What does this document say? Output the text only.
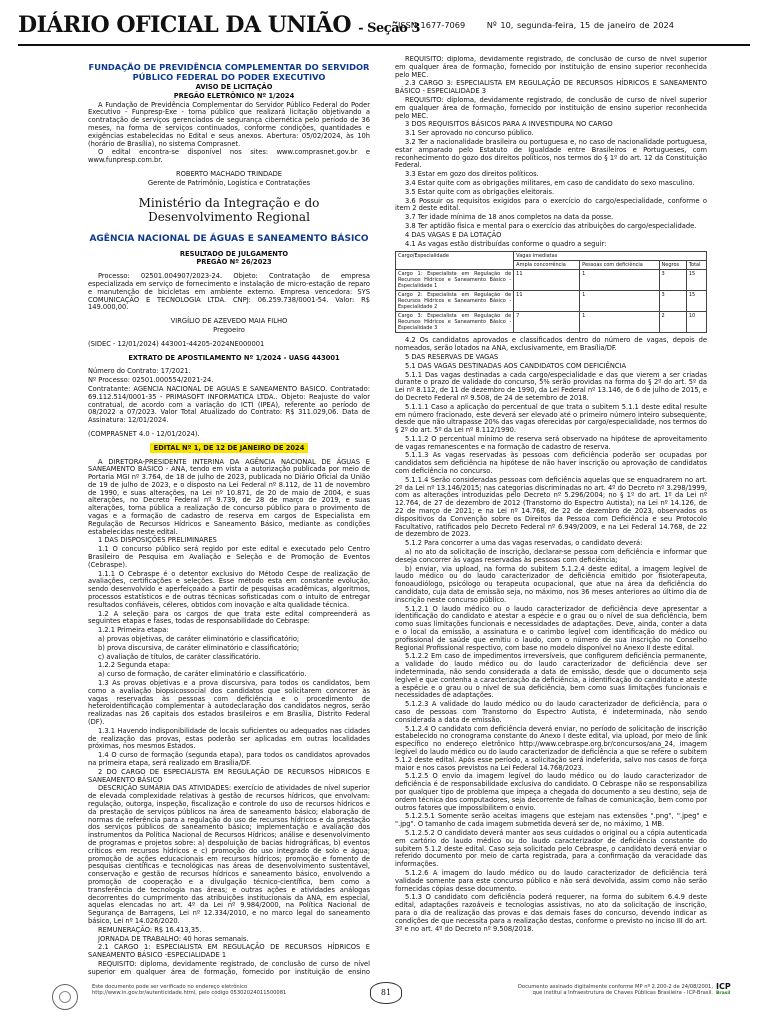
DIÁRIO OFICIAL DA UNIÃO - Seção 3
ISSN 1677-7069	Nº 10, segunda-feira, 15 de janeiro de 2024
FUNDAÇÃO DE PREVIDÊNCIA COMPLEMENTAR DO SERVIDOR PÚBLICO FEDERAL DO PODER EXECUTIVO

AVISO DE LICITAÇÃO

PREGÃO ELETRÔNICO Nº 1/2024

A Fundação de Previdência Complementar do Servidor Público Federal do Poder Executivo - Funpresp-Exe - torna público que realizará licitação objetivando a contratação de serviços gerenciados de segurança cibernética pelo período de 36 meses, na forma de serviços continuados, conforme condições, quantidades e exigências estabelecidas no Edital e seus anexos. Abertura: 05/02/2024, às 10h (horário de Brasília), no sistema Comprasnet.

O edital encontra-se disponível nos sites: www.comprasnet.gov.br e www.funpresp.com.br.

ROBERTO MACHADO TRINDADE

Gerente de Patrimônio, Logística e Contratações

Ministério da Integração e do Desenvolvimento Regional
AGÊNCIA NACIONAL DE ÁGUAS E SANEAMENTO BÁSICO

RESULTADO DE JULGAMENTO

PREGÃO Nº 26/2023

Processo: 02501.004907/2023-24. Objeto: Contratação de empresa especializada em serviço de fornecimento e instalação de micro-estação de reparo e manutenção de bicicletas em ambiente externo. Empresa vencedora: SYS COMUNICAÇÃO E TECNOLOGIA LTDA. CNPJ: 06.259.738/0001-54. Valor: R$ 149.000,00.

VIRGÍLIO DE AZEVEDO MAIA FILHO

Pregoeiro

(SIDEC - 12/01/2024) 443001-44205-2024NE000001

EXTRATO DE APOSTILAMENTO Nº 1/2024 - UASG 443001

Número do Contrato: 17/2021.

Nº Processo: 02501.000554/2021-24.

Contratante: AGENCIA NACIONAL DE AGUAS E SANEAMENTO BASICO. Contratado: 69.112.514/0001-35 - PRIMASOFT INFORMATICA LTDA.. Objeto: Reajuste do valor contratual, de acordo com a variação do ICTI (IPEA), referente ao período de 08/2022 a 07/2023. Valor Total Atualizado do Contrato: R$ 311.029,06. Data de Assinatura: 12/01/2024.

(COMPRASNET 4.0 - 12/01/2024).

EDITAL Nº 1, DE 12 DE JANEIRO DE 2024

A DIRETORA-PRESIDENTE INTERINA DA AGÊNCIA NACIONAL DE ÁGUAS E SANEAMENTO BÁSICO - ANA, tendo em vista a autorização publicada por meio de Portaria MGI nº 3.764, de 18 de julho de 2023, publicada no Diário Oficial da União de 19 de julho de 2023, e o disposto na Lei Federal nº 8.112, de 11 de novembro de 1990, e suas alterações, na Lei nº 10.871, de 20 de maio de 2004, e suas alterações, no Decreto Federal nº 9.739, de 28 de março de 2019, e suas alterações, torna pública a realização de concurso público para o provimento de vagas e a formação de cadastro de reserva em cargos de Especialista em Regulação de Recursos Hídricos e Saneamento Básico, mediante as condições estabelecidas neste edital.

1 DAS DISPOSIÇÕES PRELIMINARES

1.1 O concurso público será regido por este edital e executado pelo Centro Brasileiro de Pesquisa em Avaliação e Seleção e de Promoção de Eventos (Cebraspe).

1.1.1 O Cebraspe é o detentor exclusivo do Método Cespe de realização de avaliações, certificações e seleções. Esse método esta em constante evolução, sendo desenvolvido e aperfeiçoado a partir de pesquisas acadêmicas, algoritmos, processos estatísticos e de outras técnicas sofisticadas com o intuito de entregar resultados confiáveis, céleres, obtidos com inovação e alta qualidade técnica.

1.2 A seleção para os cargos de que trata este edital compreenderá as seguintes etapas e fases, todas de responsabilidade do Cebraspe:

1.2.1 Primeira etapa:

a) provas objetivas, de caráter eliminatório e classificatório;

b) prova discursiva, de caráter eliminatório e classificatório;

c) avaliação de títulos, de caráter classificatório.

1.2.2 Segunda etapa:

a) curso de formação, de caráter eliminatório e classificatório.

1.3 As provas objetivas e a prova discursiva, para todos os candidatos, bem como a avaliação biopsicossocial dos candidatos que solicitarem concorrer às vagas reservadas às pessoas com deficiência e o procedimento de heteroidentificação complementar à autodeclaração dos candidatos negros, serão realizadas nas 26 capitais dos estados brasileiros e em Brasília, Distrito Federal (DF).

1.3.1 Havendo indisponibilidade de locais suficientes ou adequados nas cidades de realização das provas, estas poderão ser aplicadas em outras localidades próximas, nos mesmos Estados.

1.4 O curso de formação (segunda etapa), para todos os candidatos aprovados na primeira etapa, será realizado em Brasília/DF.

2 DO CARGO DE ESPECIALISTA EM REGULAÇÃO DE RECURSOS HÍDRICOS E SANEAMENTO BÁSICO

DESCRIÇÃO SUMÁRIA DAS ATIVIDADES: exercício de atividades de nível superior de elevada complexidade relativas à gestão de recursos hídricos, que envolvam: regulação, outorga, inspeção, fiscalização e controle do uso de recursos hídricos e da prestação de serviços públicos na área de saneamento básico; elaboração de normas de referência para a regulação do uso de recursos hídricos e da prestação dos serviços públicos de saneamento básico; implementação e avaliação dos instrumentos da Política Nacional de Recursos Hídricos; análise e desenvolvimento de programas e projetos sobre: a) despoluição de bacias hidrográficas, b) eventos críticos em recursos hídricos e c) promoção do uso integrado de solo e água; promoção de ações educacionais em recursos hídricos; promoção e fomento de pesquisas científicas e tecnológicas nas áreas de desenvolvimento sustentável, conservação e gestão de recursos hídricos e saneamento básico, envolvendo a promoção de cooperação e a divulgação técnico-científica, bem como a transferência de tecnologia nas áreas; e outras ações e atividades análogas decorrentes do cumprimento das atribuições institucionais da ANA, em especial, aquelas elencadas no art. 4º da Lei nº 9.984/2000, na Política Nacional de Segurança de Barragens, Lei nº 12.334/2010, e no marco legal do saneamento básico, Lei nº 14.026/2020.

REMUNERAÇÃO: R$ 16.413,35.

JORNADA DE TRABALHO: 40 horas semanais.

2.1 CARGO 1: ESPECIALISTA EM REGULAÇÃO DE RECURSOS HÍDRICOS E SANEAMENTO BÁSICO -ESPECIALIDADE 1

REQUISITO: diploma, devidamente registrado, de conclusão de curso de nível superior em qualquer área de formação, fornecido por instituição de ensino

REQUISITO: diploma, devidamente registrado, de conclusão de curso de nível superior em qualquer área de formação, fornecido por instituição de ensino superior reconhecida pelo MEC.

2.3 CARGO 3: ESPECIALISTA EM REGULAÇÃO DE RECURSOS HÍDRICOS E SANEAMENTO BÁSICO - ESPECIALIDADE 3

REQUISITO: diploma, devidamente registrado, de conclusão de curso de nível superior em qualquer área de formação, fornecido por instituição de ensino superior reconhecida pelo MEC.

3 DOS REQUISITOS BÁSICOS PARA A INVESTIDURA NO CARGO

3.1 Ser aprovado no concurso público.

3.2 Ter a nacionalidade brasileira ou portuguesa e, no caso de nacionalidade portuguesa, estar amparado pelo Estatuto de Igualdade entre Brasileiros e Portugueses, com reconhecimento do gozo dos direitos políticos, nos termos do § 1º do art. 12 da Constituição Federal.

3.3 Estar em gozo dos direitos políticos.

3.4 Estar quite com as obrigações militares, em caso de candidato do sexo masculino.

3.5 Estar quite com as obrigações eleitorais.

3.6 Possuir os requisitos exigidos para o exercício do cargo/especialidade, conforme o item 2 deste edital.

3.7 Ter idade mínima de 18 anos completos na data da posse.

3.8 Ter aptidão física e mental para o exercício das atribuições do cargo/especialidade.

4 DAS VAGAS E DA LOTAÇÃO

4.1 As vagas estão distribuídas conforme o quadro a seguir:

Cargo/Especialidade	Vagas imediatas			
	Ampla concorrência	Pessoas com deficiência	Negros	Total
Cargo 1: Especialista em Regulação de Recursos Hídricos e Saneamento Básico - Especialidade 1	11	1	3	15
Cargo 2: Especialista em Regulação de Recursos Hídricos e Saneamento Básico - Especialidade 2	11	1	3	15
Cargo 3: Especialista em Regulação de Recursos Hídricos e Saneamento Básico - Especialidade 3	7	1	2	10

4.2 Os candidatos aprovados e classificados dentro do número de vagas, depois de nomeados, serão lotados na ANA, exclusivamente, em Brasília/DF.

5 DAS RESERVAS DE VAGAS

5.1 DAS VAGAS DESTINADAS AOS CANDIDATOS COM DEFICIÊNCIA

5.1.1 Das vagas destinadas a cada cargo/especialidade e das que vierem a ser criadas durante o prazo de validade do concurso, 5% serão providas na forma do § 2º do art. 5º da Lei nº 8.112, de 11 de dezembro de 1990, da Lei Federal nº 13.146, de 6 de julho de 2015, e do Decreto Federal nº 9.508, de 24 de setembro de 2018.

5.1.1.1 Caso a aplicação do percentual de que trata o subitem 5.1.1 deste edital resulte em número fracionado, este deverá ser elevado até o primeiro número inteiro subsequente, desde que não ultrapasse 20% das vagas oferecidas por cargo/especialidade, nos termos do § 2º do art. 5º da Lei nº 8.112/1990.

5.1.1.2 O percentual mínimo de reserva será observado na hipótese de aproveitamento de vagas remanescentes e na formação de cadastro de reserva.

5.1.1.3 As vagas reservadas às pessoas com deficiência poderão ser ocupadas por candidatos sem deficiência na hipótese de não haver inscrição ou aprovação de candidatos com deficiência no concurso.

5.1.1.4 Serão consideradas pessoas com deficiência aquelas que se enquadrarem no art. 2º da Lei nº 13.146/2015; nas categorias discriminadas no art. 4º do Decreto nº 3.298/1999, com as alterações introduzidas pelo Decreto nº 5.296/2004; no § 1º do art. 1º da Lei nº 12.764, de 27 de dezembro de 2012 (Transtorno do Espectro Autista); na Lei nº 14.126, de 22 de março de 2021; e na Lei nº 14.768, de 22 de dezembro de 2023, observados os dispositivos da Convenção sobre os Direitos da Pessoa com Deficiência e seu Protocolo Facultativo, ratificados pelo Decreto Federal nº 6.949/2009, e na Lei Federal 14.768, de 22 de dezembro de 2023.

5.1.2 Para concorrer a uma das vagas reservadas, o candidato deverá:

a) no ato da solicitação de inscrição, declarar-se pessoa com deficiência e informar que deseja concorrer às vagas reservadas às pessoas com deficiência;

b) enviar, via upload, na forma do subitem 5.1.2.4 deste edital, a imagem legível de laudo médico ou do laudo caracterizador de deficiência emitido por fisioterapeuta, fonoaudiólogo, psicólogo ou terapeuta ocupacional, que atue na área da deficiência do candidato, cuja data de emissão seja, no máximo, nos 36 meses anteriores ao último dia de inscrição neste concurso público.

5.1.2.1 O laudo médico ou o laudo caracterizador de deficiência deve apresentar a identificação do candidato e atestar a espécie e o grau ou o nível de sua deficiência, bem como suas limitações funcionais e necessidades de adaptações. Deve, ainda, conter a data e o local da emissão, a assinatura e o carimbo legível com identificação do médico ou profissional de saúde que emitiu o laudo, com o número de sua inscrição no Conselho Regional Profissional respectivo, com base no modelo disponível no Anexo II deste edital.

5.1.2.2 Em caso de impedimentos irreversíveis, que configurem deficiência permanente, a validade do laudo médico ou do laudo caracterizador de deficiência deve ser indeterminada, não sendo considerada a data de emissão, desde que o documento seja legível e que contenha a caracterização da deficiência, a identificação do candidato e ateste a espécie e o grau ou o nível de sua deficiência, bem como suas limitações funcionais e necessidades de adaptações.

5.1.2.3 A validade do laudo médico ou do laudo caracterizador de deficiência, para o caso de pessoas com Transtorno do Espectro Autista, é indeterminada, não sendo considerada a data de emissão.

5.1.2.4 O candidato com deficiência deverá enviar, no período de solicitação de inscrição estabelecido no cronograma constante do Anexo I deste edital, via upload, por meio de link específico no endereço eletrônico http://www.cebraspe.org.br/concursos/ana_24, imagem legível do laudo médico ou do laudo caracterizador de deficiência a que se refere o subitem 5.1.2 deste edital. Após esse período, a solicitação será indeferida, salvo nos casos de força maior e nos casos previstos na Lei Federal 14.768/2023.

5.1.2.5 O envio da imagem legível do laudo médico ou do laudo caracterizador de deficiência é de responsabilidade exclusiva do candidato. O Cebraspe não se responsabiliza por qualquer tipo de problema que impeça a chegada do documento a seu destino, seja de ordem técnica dos computadores, seja decorrente de falhas de comunicação, bem como por outros fatores que impossibilitem o envio.

5.1.2.5.1 Somente serão aceitas imagens que estejam nas extensões ".png", ".jpeg" e ".jpg". O tamanho de cada imagem submetida deverá ser de, no máximo, 1 MB.

5.1.2.5.2 O candidato deverá manter aos seus cuidados o original ou a cópia autenticada em cartório do laudo médico ou do laudo caracterizador de deficiência constante do subitem 5.1.2 deste edital. Caso seja solicitado pelo Cebraspe, o candidato deverá enviar o referido documento por meio de carta registrada, para a confirmação da veracidade das informações.

5.1.2.6 A imagem do laudo médico ou do laudo caracterizador de deficiência terá validade somente para este concurso público e não será devolvida, assim como não serão fornecidas cópias desse documento.

5.1.3 O candidato com deficiência poderá requerer, na forma do subitem 6.4.9 deste edital, adaptações razoáveis e tecnologias assistivas, no ato da solicitação de inscrição, para o dia de realização das provas e das demais fases do concurso, devendo indicar as condições de que necessita para a realização destas, conforme o previsto no inciso III do art. 3º e no art. 4º do Decreto nº 9.508/2018.

Este documento pode ser verificado no endereço eletrônico
http://www.in.gov.br/autenticidade.html, pelo código 05302024011500081	81
Documento assinado digitalmente conforme MP nº 2.200-2 de 24/08/2001,
que institui a Infraestrutura de Chaves Públicas Brasileira - ICP-Brasil.
ICP
Brasil
